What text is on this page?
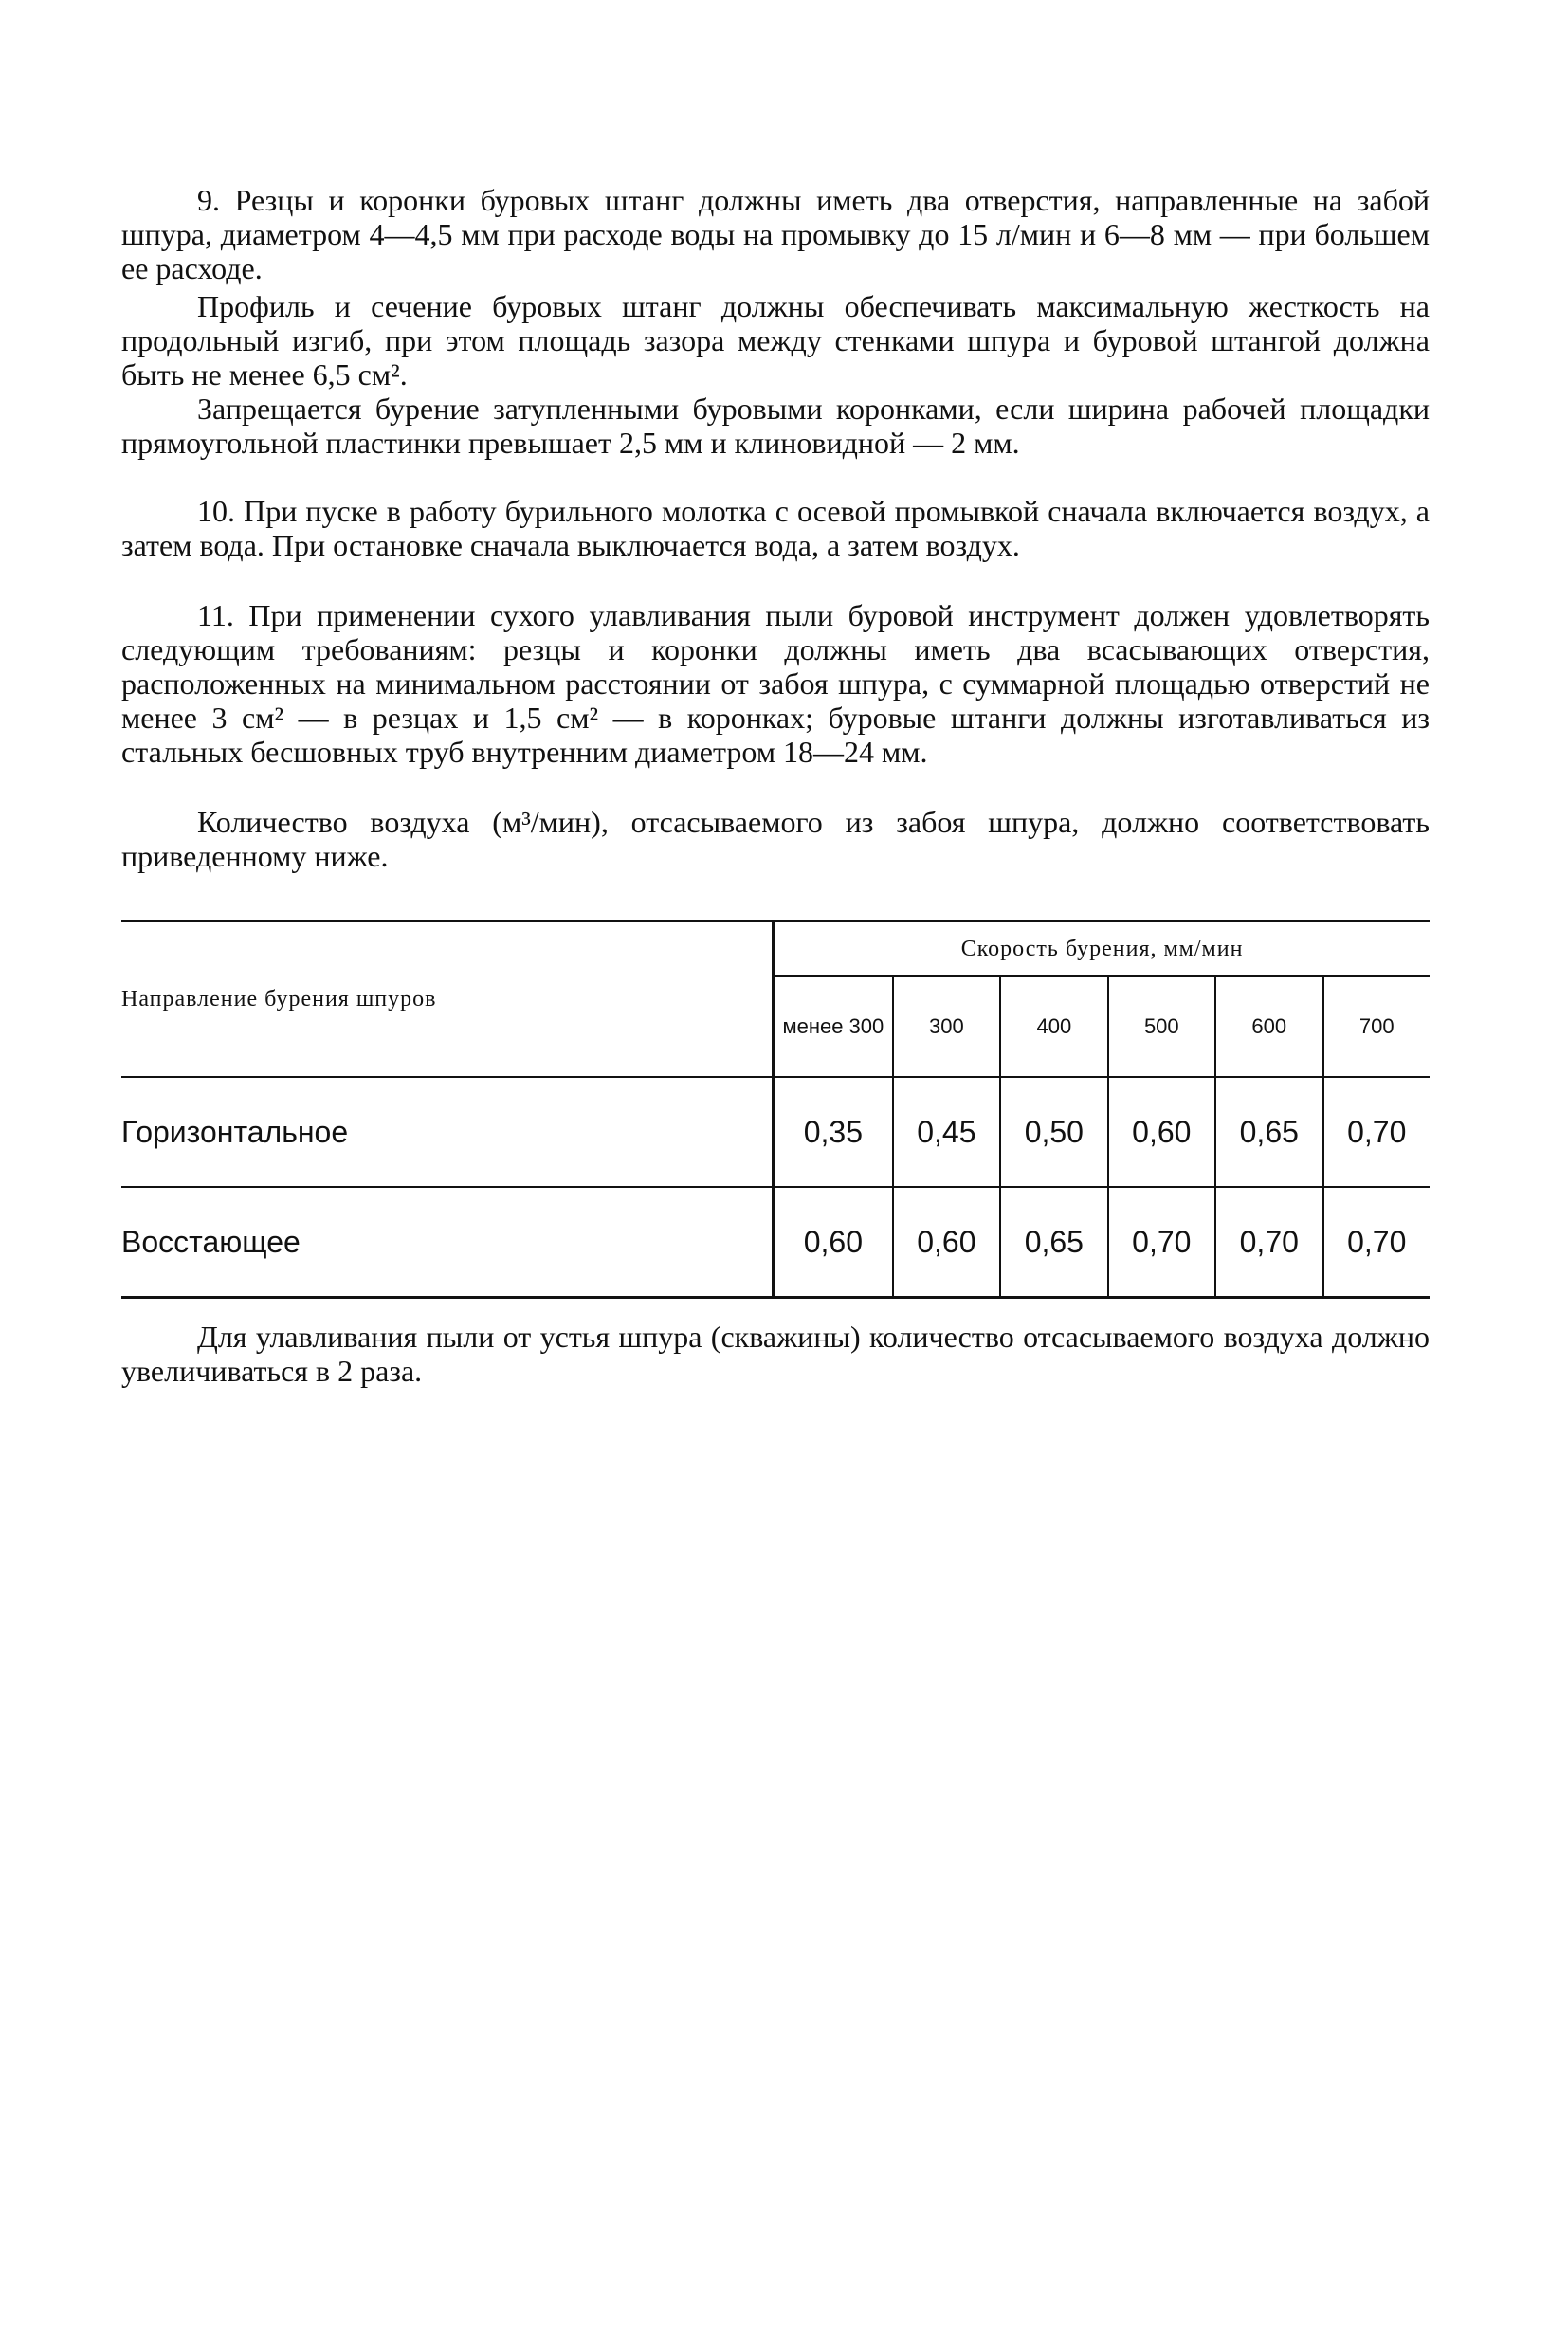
9. Резцы и коронки буровых штанг должны иметь два отверстия, направленные на забой шпура, диаметром 4—4,5 мм при расходе воды на промывку до 15 л/мин и 6—8 мм — при большем ее расходе.

Профиль и сечение буровых штанг должны обеспечивать максимальную жесткость на продольный изгиб, при этом площадь зазора между стенками шпура и буровой штангой должна быть не менее 6,5 см².

Запрещается бурение затупленными буровыми коронками, если ширина рабочей площадки прямоугольной пластинки превышает 2,5 мм и клиновидной — 2 мм.

10. При пуске в работу бурильного молотка с осевой промывкой сначала включается воздух, а затем вода. При остановке сначала выключается вода, а затем воздух.

11. При применении сухого улавливания пыли буровой инструмент должен удовлетворять следующим требованиям: резцы и коронки должны иметь два всасывающих отверстия, расположенных на минимальном расстоянии от забоя шпура, с суммарной площадью отверстий не менее 3 см² — в резцах и 1,5 см² — в коронках; буровые штанги должны изготавливаться из стальных бесшовных труб внутренним диаметром 18—24 мм.

Количество воздуха (м³/мин), отсасываемого из забоя шпура, должно соответствовать приведенному ниже.

Направление бурения шпуров	Скорость бурения, мм/мин					
	менее 300	300	400	500	600	700
Горизонтальное	0,35	0,45	0,50	0,60	0,65	0,70
Восстающее	0,60	0,60	0,65	0,70	0,70	0,70

Для улавливания пыли от устья шпура (скважины) количество отсасываемого воздуха должно увеличиваться в 2 раза.
